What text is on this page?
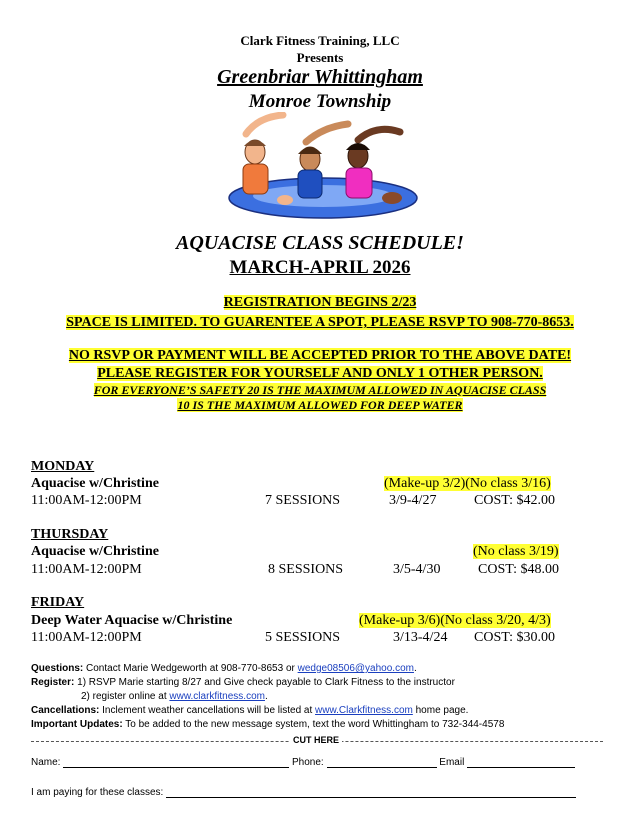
Clark Fitness Training, LLC
Presents
Greenbriar Whittingham
Monroe Township
AQUACISE CLASS SCHEDULE!
MARCH-APRIL 2026
REGISTRATION BEGINS 2/23
SPACE IS LIMITED. TO GUARENTEE A SPOT, PLEASE RSVP TO 908-770-8653.
NO RSVP OR PAYMENT WILL BE ACCEPTED PRIOR TO THE ABOVE DATE!
PLEASE REGISTER FOR YOURSELF AND ONLY 1 OTHER PERSON.
FOR EVERYONE’S SAFETY 20 IS THE MAXIMUM ALLOWED IN AQUACISE CLASS
10 IS THE MAXIMUM ALLOWED FOR DEEP WATER
MONDAY
Aquacise w/Christine	(Make-up 3/2)(No class 3/16)
11:00AM-12:00PM	7 SESSIONS	3/9-4/27	COST: $42.00
THURSDAY
Aquacise w/Christine	(No class 3/19)
11:00AM-12:00PM	8 SESSIONS	3/5-4/30	COST: $48.00
FRIDAY
Deep Water Aquacise w/Christine	(Make-up 3/6)(No class 3/20, 4/3)
11:00AM-12:00PM	5 SESSIONS	3/13-4/24 COST: $30.00
Questions: Contact Marie Wedgeworth at 908-770-8653 or wedge08506@yahoo.com.
Register: 1) RSVP Marie starting 8/27 and Give check payable to Clark Fitness to the instructor
2) register online at www.clarkfitness.com.
Cancellations: Inclement weather cancellations will be listed at www.Clarkfitness.com home page.
Important Updates: To be added to the new message system, text the word Whittingham to 732-344-4578
CUT HERE
Name:	Phone:	Email
I am paying for these classes:
